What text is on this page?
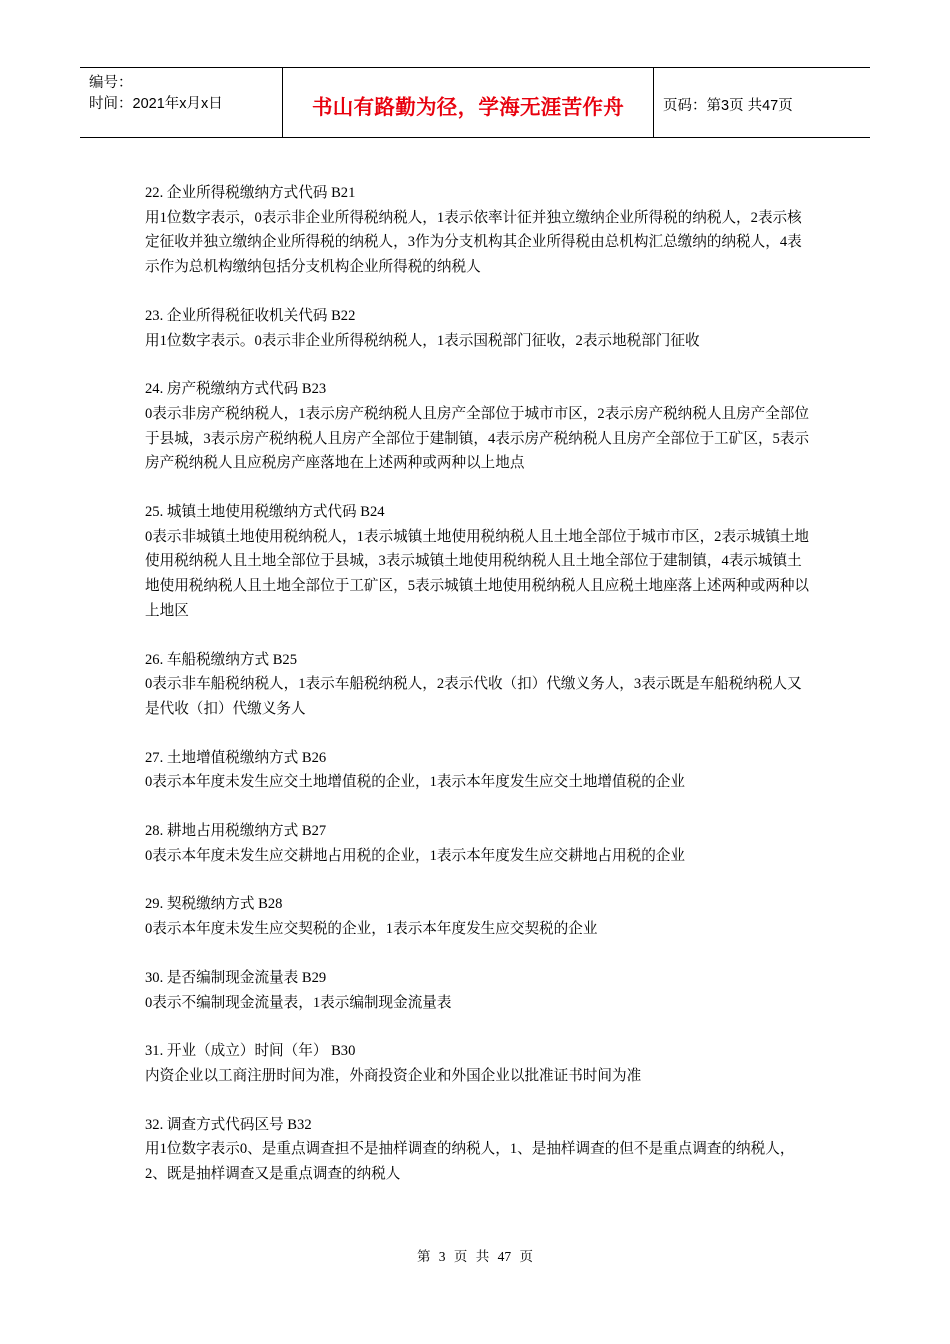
编号：
时间：2021年x月x日	书山有路勤为径，学海无涯苦作舟	页码：第3页 共47页

22. 企业所得税缴纳方式代码 B21

用1位数字表示，0表示非企业所得税纳税人，1表示依率计征并独立缴纳企业所得税的纳税人，2表示核定征收并独立缴纳企业所得税的纳税人，3作为分支机构其企业所得税由总机构汇总缴纳的纳税人，4表示作为总机构缴纳包括分支机构企业所得税的纳税人

23. 企业所得税征收机关代码 B22

用1位数字表示。0表示非企业所得税纳税人，1表示国税部门征收，2表示地税部门征收

24. 房产税缴纳方式代码 B23

0表示非房产税纳税人，1表示房产税纳税人且房产全部位于城市市区，2表示房产税纳税人且房产全部位于县城，3表示房产税纳税人且房产全部位于建制镇，4表示房产税纳税人且房产全部位于工矿区，5表示房产税纳税人且应税房产座落地在上述两种或两种以上地点

25. 城镇土地使用税缴纳方式代码 B24

0表示非城镇土地使用税纳税人，1表示城镇土地使用税纳税人且土地全部位于城市市区，2表示城镇土地使用税纳税人且土地全部位于县城，3表示城镇土地使用税纳税人且土地全部位于建制镇，4表示城镇土地使用税纳税人且土地全部位于工矿区，5表示城镇土地使用税纳税人且应税土地座落上述两种或两种以上地区

26. 车船税缴纳方式 B25

0表示非车船税纳税人，1表示车船税纳税人，2表示代收（扣）代缴义务人，3表示既是车船税纳税人又是代收（扣）代缴义务人

27. 土地增值税缴纳方式 B26

0表示本年度未发生应交土地增值税的企业，1表示本年度发生应交土地增值税的企业

28. 耕地占用税缴纳方式 B27

0表示本年度未发生应交耕地占用税的企业，1表示本年度发生应交耕地占用税的企业

29. 契税缴纳方式 B28

0表示本年度未发生应交契税的企业，1表示本年度发生应交契税的企业

30. 是否编制现金流量表 B29

0表示不编制现金流量表，1表示编制现金流量表

31. 开业（成立）时间（年） B30

内资企业以工商注册时间为准，外商投资企业和外国企业以批准证书时间为准

32. 调查方式代码区号 B32

用1位数字表示0、是重点调查担不是抽样调查的纳税人，1、是抽样调查的但不是重点调查的纳税人，2、既是抽样调查又是重点调查的纳税人

第 3 页 共 47 页
